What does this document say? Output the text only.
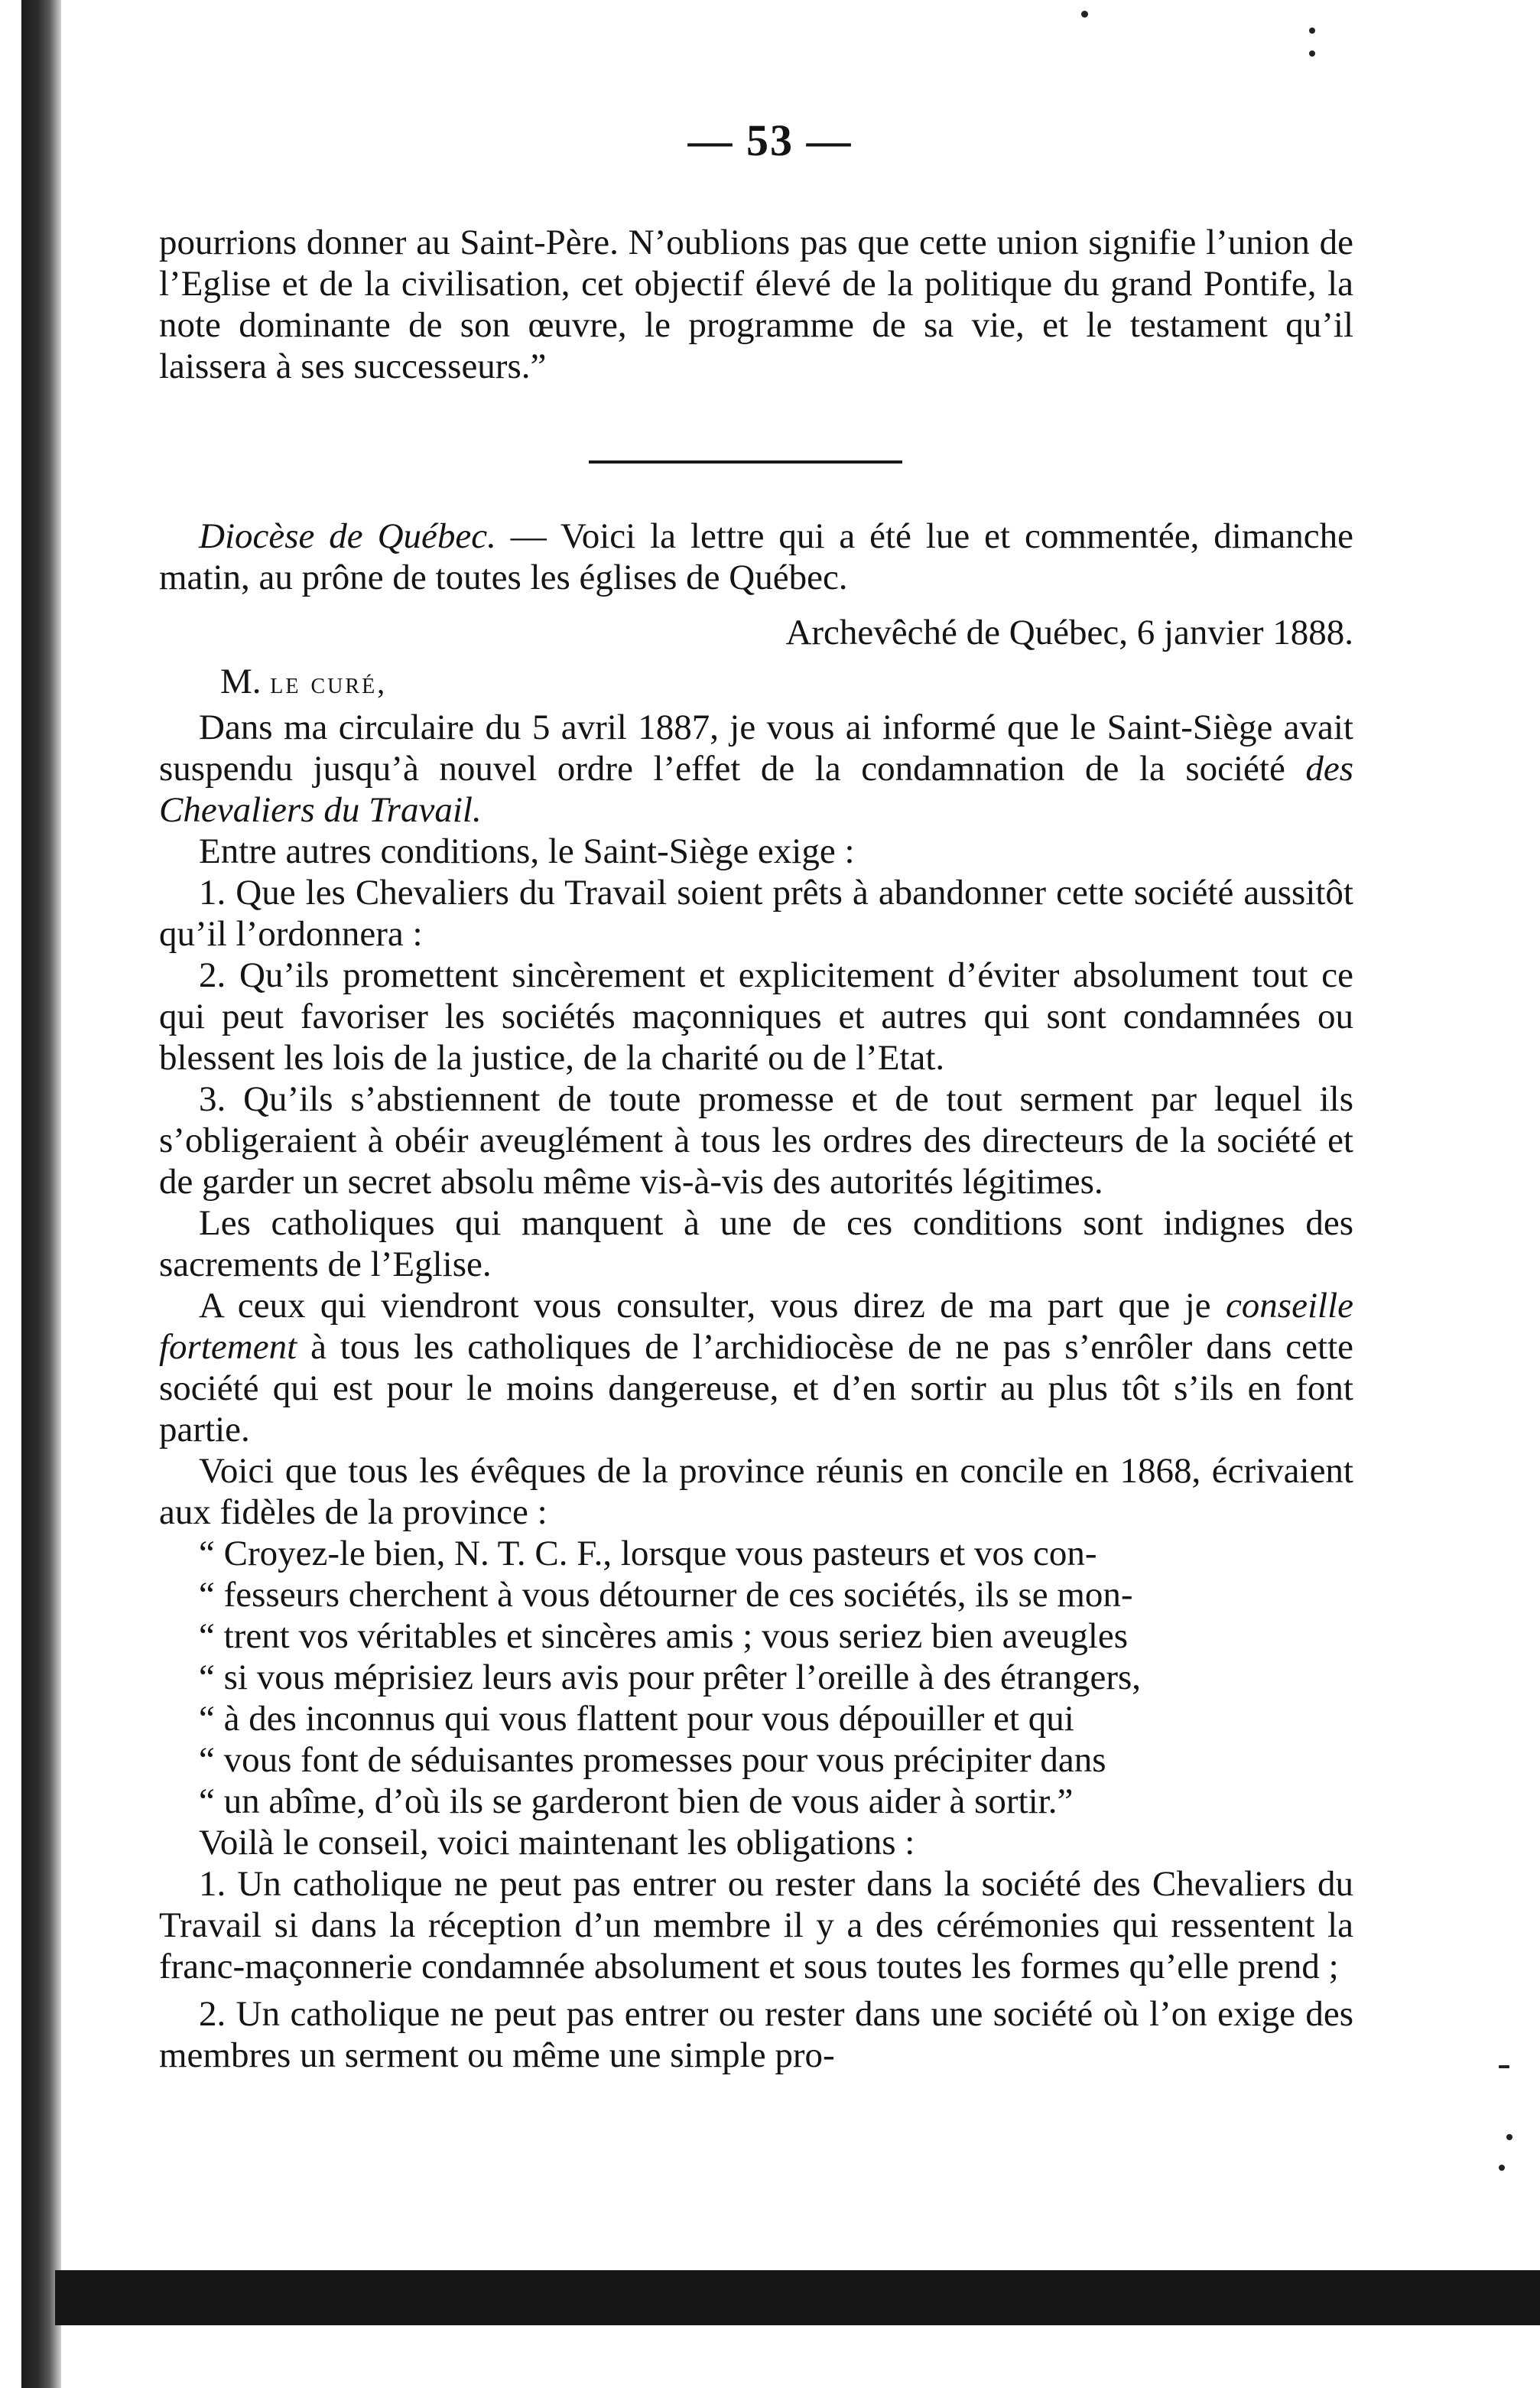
— 53 —

pourrions donner au Saint-Père. N’oublions pas que cette union signifie l’union de l’Eglise et de la civilisation, cet objectif élevé de la politique du grand Pontife, la note dominante de son œuvre, le programme de sa vie, et le testament qu’il laissera à ses successeurs.”

Diocèse de Québec. — Voici la lettre qui a été lue et commentée, dimanche matin, au prône de toutes les églises de Québec.

Archevêché de Québec, 6 janvier 1888.
M. le curé,

Dans ma circulaire du 5 avril 1887, je vous ai informé que le Saint-Siège avait suspendu jusqu’à nouvel ordre l’effet de la condamnation de la société des Chevaliers du Travail.

Entre autres conditions, le Saint-Siège exige :

1. Que les Chevaliers du Travail soient prêts à abandonner cette société aussitôt qu’il l’ordonnera :

2. Qu’ils promettent sincèrement et explicitement d’éviter absolument tout ce qui peut favoriser les sociétés maçonniques et autres qui sont condamnées ou blessent les lois de la justice, de la charité ou de l’Etat.

3. Qu’ils s’abstiennent de toute promesse et de tout serment par lequel ils s’obligeraient à obéir aveuglément à tous les ordres des directeurs de la société et de garder un secret absolu même vis-à-vis des autorités légitimes.

Les catholiques qui manquent à une de ces conditions sont indignes des sacrements de l’Eglise.

A ceux qui viendront vous consulter, vous direz de ma part que je conseille fortement à tous les catholiques de l’archidiocèse de ne pas s’enrôler dans cette société qui est pour le moins dangereuse, et d’en sortir au plus tôt s’ils en font partie.

Voici que tous les évêques de la province réunis en concile en 1868, écrivaient aux fidèles de la province :

“ Croyez-le bien, N. T. C. F., lorsque vous pasteurs et vos con-

“ fesseurs cherchent à vous détourner de ces sociétés, ils se mon-

“ trent vos véritables et sincères amis ; vous seriez bien aveugles

“ si vous méprisiez leurs avis pour prêter l’oreille à des étrangers,

“ à des inconnus qui vous flattent pour vous dépouiller et qui

“ vous font de séduisantes promesses pour vous précipiter dans

“ un abîme, d’où ils se garderont bien de vous aider à sortir.”

Voilà le conseil, voici maintenant les obligations :

1. Un catholique ne peut pas entrer ou rester dans la société des Chevaliers du Travail si dans la réception d’un membre il y a des cérémonies qui ressentent la franc-maçonnerie condamnée absolument et sous toutes les formes qu’elle prend ;

2. Un catholique ne peut pas entrer ou rester dans une société où l’on exige des membres un serment ou même une simple pro-
